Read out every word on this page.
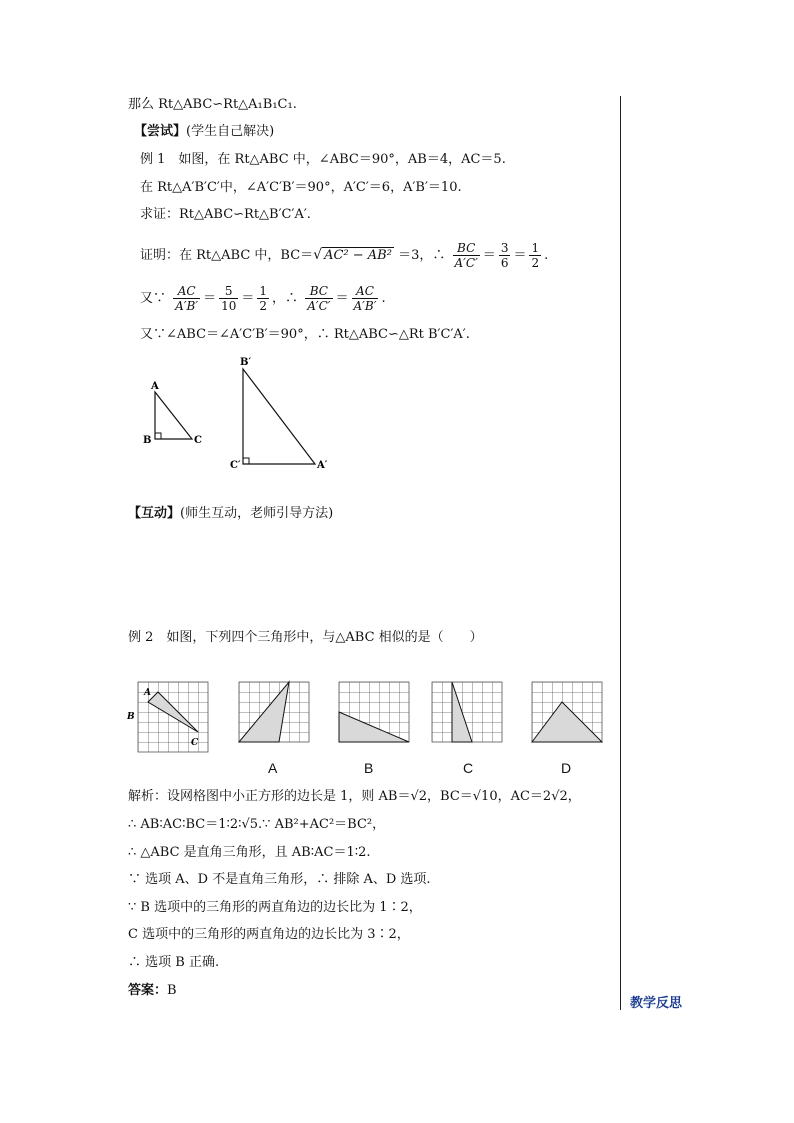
教学反思
那么 Rt△ABC∽Rt△A₁B₁C₁.
【尝试】(学生自己解决)
例 1　如图，在 Rt△ABC 中，∠ABC＝90°，AB＝4，AC＝5.
在 Rt△A′B′C′中，∠A′C′B′＝90°，A′C′＝6，A′B′＝10.
求证：Rt△ABC∽Rt△B′C′A′.
证明：在 Rt△ABC 中，BC＝√ AC² − AB² ＝3，∴ $\frac{BC}{A'C'} = \frac{3}{6} = \frac{1}{2}$ .
又∵ $\frac{AC}{A'B'} = \frac{5}{10} = \frac{1}{2}$ ，∴ $\frac{BC}{A'C'} = \frac{AC}{A'B'}$ .
又∵∠ABC＝∠A′C′B′＝90°，∴ Rt△ABC∽△Rt B′C′A′.
A
B	C
B′
C′	A′
【互动】(师生互动，老师引导方法)
例 2　如图，下列四个三角形中，与△ABC 相似的是（　　）
A
B
C
A	B	C	D
解析：设网格图中小正方形的边长是 1，则 AB＝√2，BC＝√10，AC＝2√2，
∴ AB∶AC∶BC＝1∶2∶√5.∵ AB²+AC²＝BC²，
∴ △ABC 是直角三角形，且 AB∶AC＝1∶2.
∵ 选项 A、D 不是直角三角形，∴ 排除 A、D 选项.
∵ B 选项中的三角形的两直角边的边长比为 1∶2，
C 选项中的三角形的两直角边的边长比为 3∶2，
∴ 选项 B 正确.
答案：B
